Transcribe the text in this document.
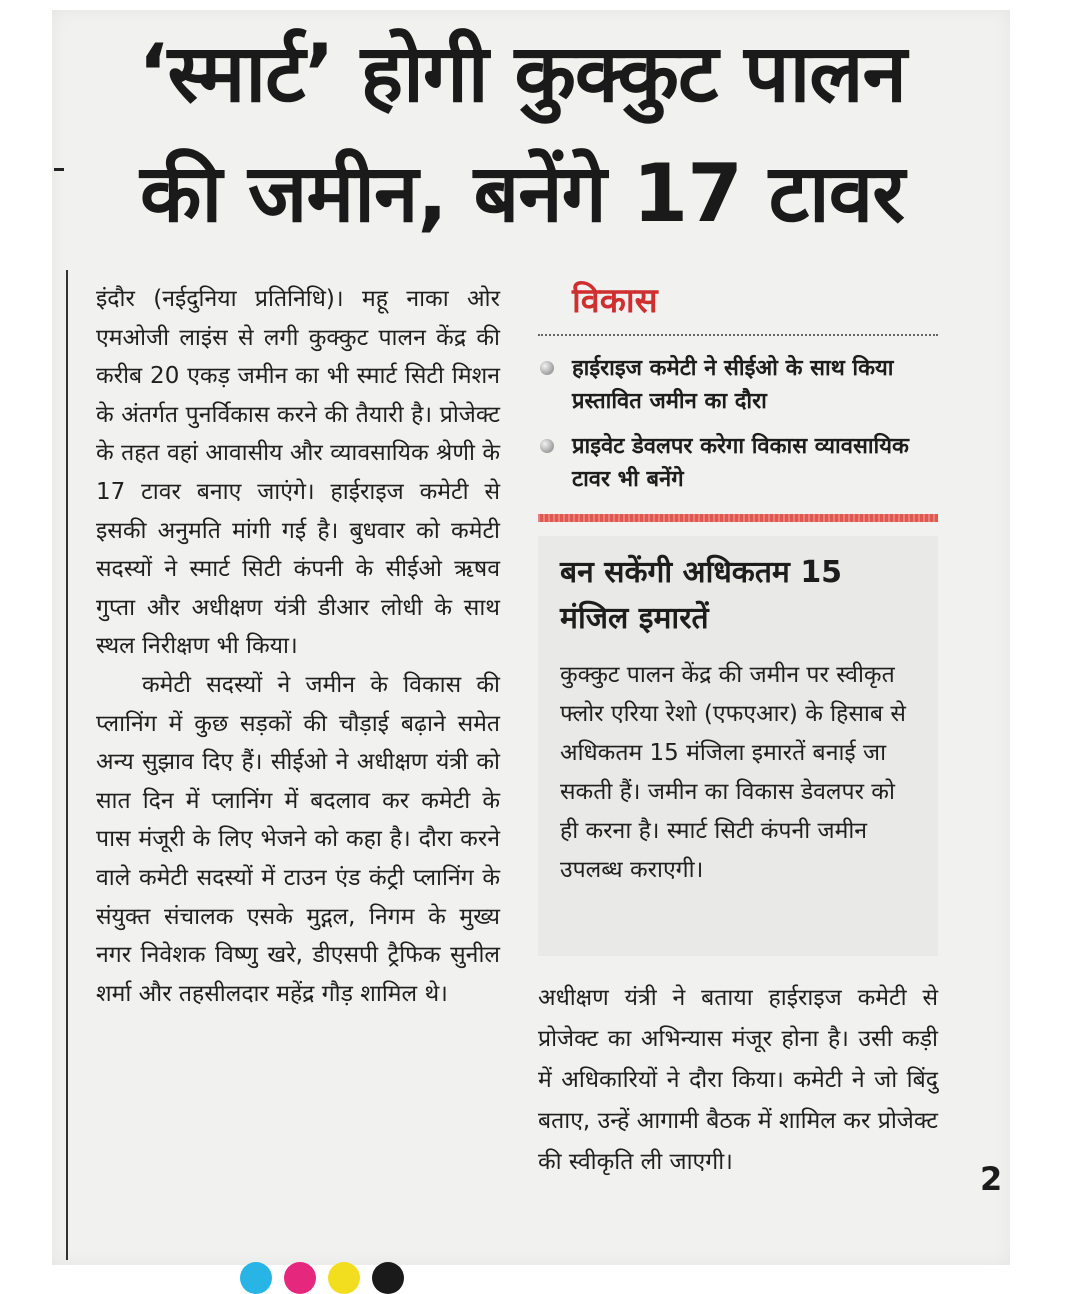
‘स्मार्ट’ होगी कुक्कुट पालन
की जमीन, बनेंगे 17 टावर

इंदौर (नईदुनिया प्रतिनिधि)। महू नाका ओर एमओजी लाइंस से लगी कुक्कुट पालन केंद्र की करीब 20 एकड़ जमीन का भी स्मार्ट सिटी मिशन के अंतर्गत पुनर्विकास करने की तैयारी है। प्रोजेक्ट के तहत वहां आवासीय और व्यावसायिक श्रेणी के 17 टावर बनाए जाएंगे। हाईराइज कमेटी से इसकी अनुमति मांगी गई है। बुधवार को कमेटी सदस्यों ने स्मार्ट सिटी कंपनी के सीईओ ऋषव गुप्ता और अधीक्षण यंत्री डीआर लोधी के साथ स्थल निरीक्षण भी किया।

कमेटी सदस्यों ने जमीन के विकास की प्लानिंग में कुछ सड़कों की चौड़ाई बढ़ाने समेत अन्य सुझाव दिए हैं। सीईओ ने अधीक्षण यंत्री को सात दिन में प्लानिंग में बदलाव कर कमेटी के पास मंजूरी के लिए भेजने को कहा है। दौरा करने वाले कमेटी सदस्यों में टाउन एंड कंट्री प्लानिंग के संयुक्त संचालक एसके मुद्गल, निगम के मुख्य नगर निवेशक विष्णु खरे, डीएसपी ट्रैफिक सुनील शर्मा और तहसीलदार महेंद्र गौड़ शामिल थे।

विकास
हाईराइज कमेटी ने सीईओ के साथ किया प्रस्तावित जमीन का दौरा
प्राइवेट डेवलपर करेगा विकास व्यावसायिक टावर भी बनेंगे
बन सकेंगी अधिकतम 15 मंजिल इमारतें

कुक्कुट पालन केंद्र की जमीन पर स्वीकृत फ्लोर एरिया रेशो (एफएआर) के हिसाब से अधिकतम 15 मंजिला इमारतें बनाई जा सकती हैं। जमीन का विकास डेवलपर को ही करना है। स्मार्ट सिटी कंपनी जमीन उपलब्ध कराएगी।

अधीक्षण यंत्री ने बताया हाईराइज कमेटी से प्रोजेक्ट का अभिन्यास मंजूर होना है। उसी कड़ी में अधिकारियों ने दौरा किया। कमेटी ने जो बिंदु बताए, उन्हें आगामी बैठक में शामिल कर प्रोजेक्ट की स्वीकृति ली जाएगी।	2
